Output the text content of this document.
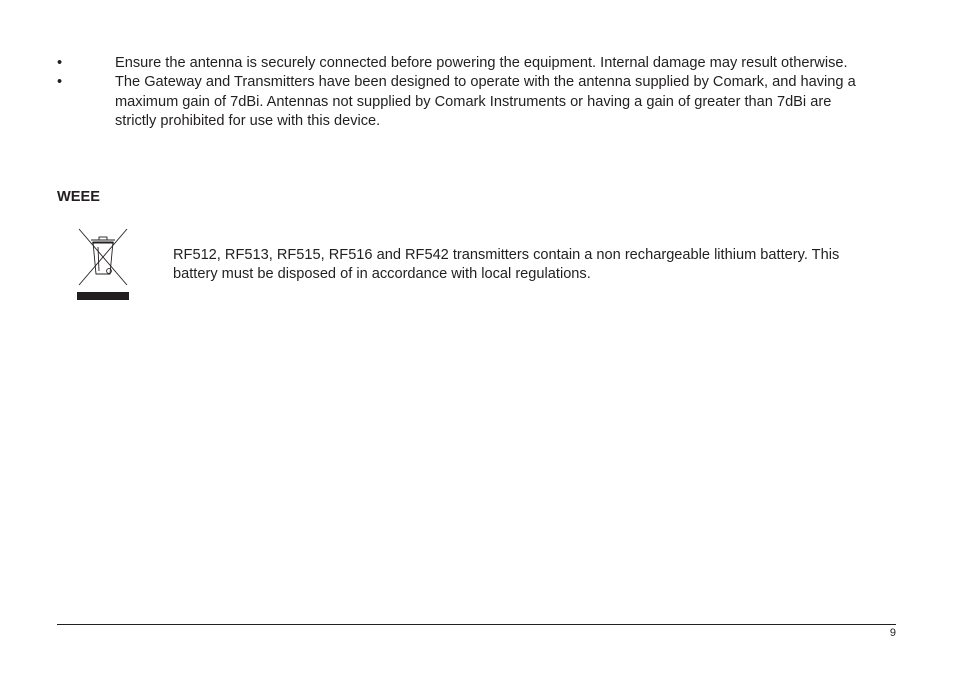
•	Ensure the antenna is securely connected before powering the equipment. Internal damage may result otherwise.
•	The Gateway and Transmitters have been designed to operate with the antenna supplied by Comark, and having a maximum gain of 7dBi. Antennas not supplied by Comark Instruments or having a gain of greater than 7dBi are strictly prohibited for use with this device.
WEEE

RF512, RF513, RF515, RF516 and RF542 transmitters contain a non rechargeable lithium battery. This battery must be disposed of in accordance with local regulations.

9
